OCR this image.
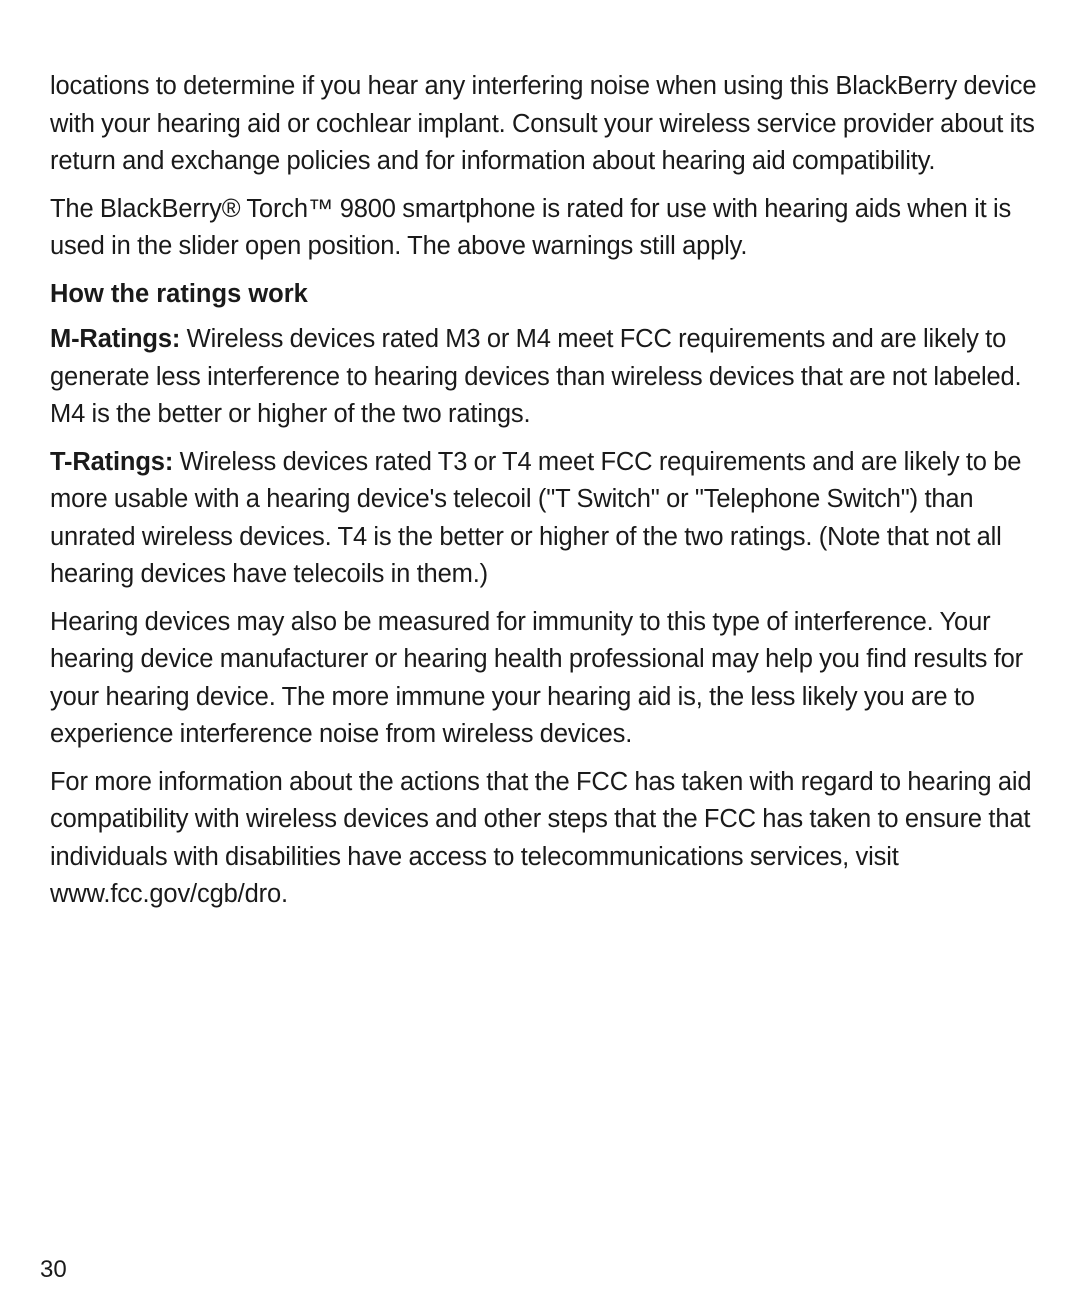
locations to determine if you hear any interfering noise when using this BlackBerry device with your hearing aid or cochlear implant. Consult your wireless service provider about its return and exchange policies and for information about hearing aid compatibility.

The BlackBerry® Torch™ 9800 smartphone is rated for use with hearing aids when it is used in the slider open position. The above warnings still apply.

How the ratings work

M-Ratings: Wireless devices rated M3 or M4 meet FCC requirements and are likely to generate less interference to hearing devices than wireless devices that are not labeled. M4 is the better or higher of the two ratings.

T-Ratings: Wireless devices rated T3 or T4 meet FCC requirements and are likely to be more usable with a hearing device's telecoil ("T Switch" or "Telephone Switch") than unrated wireless devices. T4 is the better or higher of the two ratings. (Note that not all hearing devices have telecoils in them.)

Hearing devices may also be measured for immunity to this type of interference. Your hearing device manufacturer or hearing health professional may help you find results for your hearing device. The more immune your hearing aid is, the less likely you are to experience interference noise from wireless devices.

For more information about the actions that the FCC has taken with regard to hearing aid compatibility with wireless devices and other steps that the FCC has taken to ensure that individuals with disabilities have access to telecommunications services, visit www.fcc.gov/cgb/dro.

30
